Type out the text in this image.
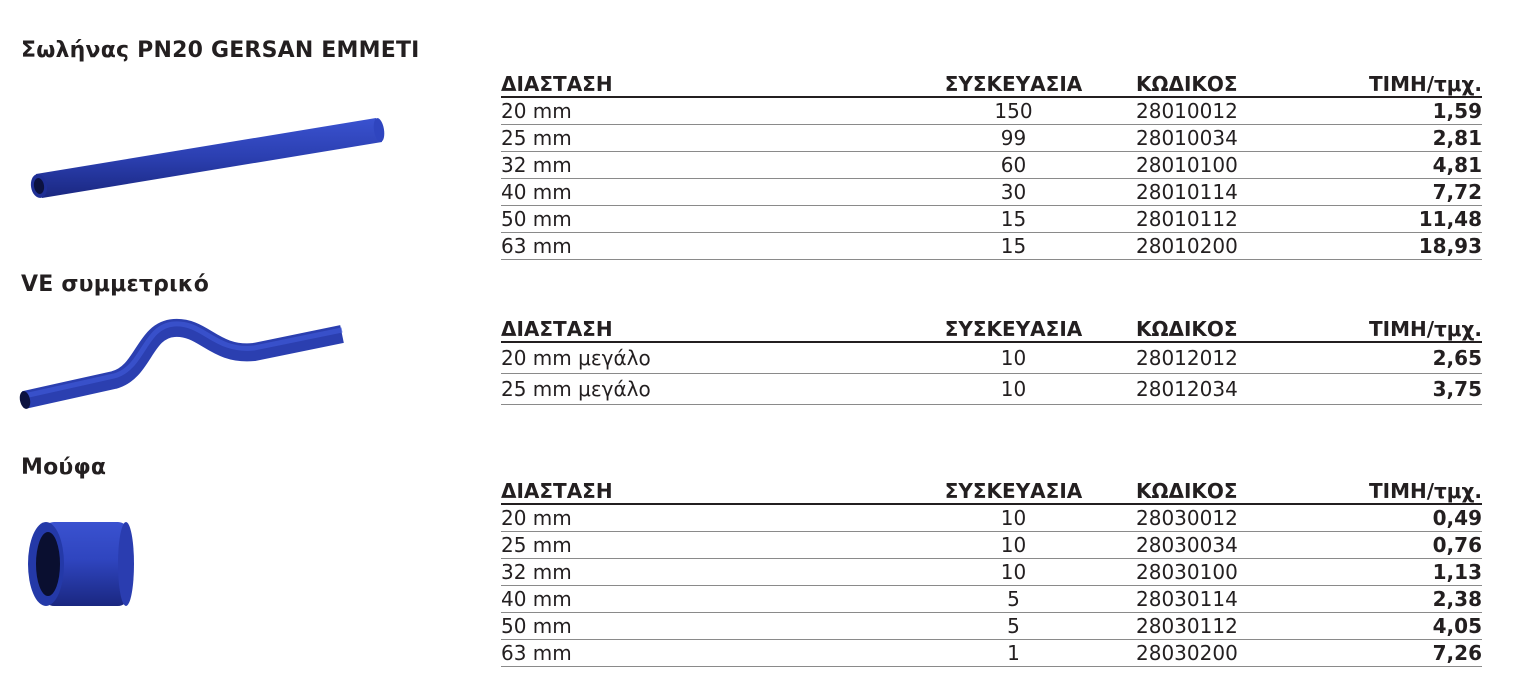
Σωλήνας PN20 GERSAN EMMETI
ΔΙΑΣΤΑΣΗ	ΣΥΣΚΕΥΑΣΙΑ	ΚΩΔΙΚΟΣ	ΤΙΜΗ/τμχ.
20 mm	150	28010012	1,59
25 mm	99	28010034	2,81
32 mm	60	28010100	4,81
40 mm	30	28010114	7,72
50 mm	15	28010112	11,48
63 mm	15	28010200	18,93
VE συμμετρικό
ΔΙΑΣΤΑΣΗ	ΣΥΣΚΕΥΑΣΙΑ	ΚΩΔΙΚΟΣ	ΤΙΜΗ/τμχ.
20 mm μεγάλο	10	28012012	2,65
25 mm μεγάλο	10	28012034	3,75
Μούφα
ΔΙΑΣΤΑΣΗ	ΣΥΣΚΕΥΑΣΙΑ	ΚΩΔΙΚΟΣ	ΤΙΜΗ/τμχ.
20 mm	10	28030012	0,49
25 mm	10	28030034	0,76
32 mm	10	28030100	1,13
40 mm	5	28030114	2,38
50 mm	5	28030112	4,05
63 mm	1	28030200	7,26
